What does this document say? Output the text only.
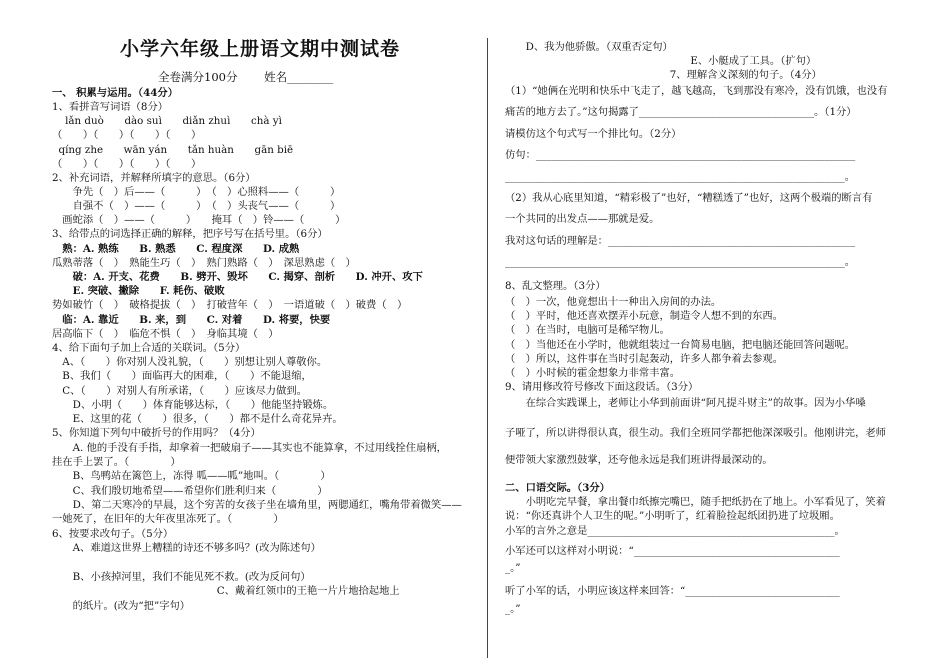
小学六年级上册语文期中测试卷
全卷满分100分　　 姓名________
一、 积累与运用。（44分）
1、看拼音写词语（8分）
lǎn duò　　dào suì　　diǎn zhuì　　chà yì
（　　）（　　）（　　）（　　）
qíng zhe　　wān yán　　tǎn huàn　　gān biē
（　　）（　　）（　　）（　　）
2、补充词语，并解释所填字的意思。（6分）
　　争先（　）后——（　　　）　（　）心照料——（　　　）
　　自强不（　）——（　　　）　（　）头丧气——（　　　）
　画蛇添（　）——（　　　）　　掩耳（　）铃——（　　　）
3、给带点的词选择正确的解释，把序号写在括号里。（6分）
　熟：A. 熟练　　B. 熟悉　　C. 程度深　　D. 成熟
瓜熟蒂落（　）　熟能生巧（　）　熟门熟路（　）　深思熟虑（　）
　　破：A. 开支、花费　　B. 劈开、毁坏　　C. 揭穿、剖析　　D. 冲开、攻下
　　E. 突破、撇除　　F. 耗伤、破败
势如破竹（　）　破格提拔（　）　打破营年（　）　一语道破（　）破费（　）
　临：A. 靠近　　B. 来，到　　C. 对着　　D. 将要，快要
居高临下（　）　临危不惧（　）　身临其境（　）
4、给下面句子加上合适的关联词。（5分）
　A、（　　）你对别人没礼貌，（　　）别想让别人尊敬你。
　B、我们（　　）面临再大的困难，（　　）不能退缩，
　C、（　　）对别人有所承诺，（　　）应该尽力做到。
　　D、小明（　　）体育能够达标，（　　）他能坚持锻炼。
　　E、这里的花（　　）很多，（　　）都不是什么奇花异卉。
5、你知道下列句中破折号的作用吗？（4分）
　　A. 他的手没有手指，却拿着一把破扇子——其实也不能算拿，不过用线拴住扇柄，
挂在手上罢了。（　　　　）
　　B、鸟鸭站在篱笆上，冻得 呱——呱”地叫。（　　　　）
　　C、我们殷切地希望——希望你们胜利归来（　　　　）
　　D、第二天寒冷的早晨，这个穷苦的女孩子坐在墙角里，两腮通红，嘴角带着微笑——
一她死了，在旧年的大年夜里冻死了。（　　　　）
6、按要求改句子。（5分）
　　A、难道这世界上糟糕的诗还不够多吗？(改为陈述句）
　　B、小孩掉河里，我们不能见死不救。(改为反问句）
　　　　　　　　　　　　　　　　C、戴着红领巾的王艳一片片地拾起地上
　　的纸片。(改为“把”字句）
　　D、我为他骄傲。（双重否定句）
　　　　　　　　　　　　　　　　　　E、小艇成了工具。（扩句）
　　　　　　　　　　　　　　　　7、理解含义深刻的句子。（4分）
（1）“她俩在光明和快乐中飞走了，越飞越高，飞到那没有寒冷，没有饥饿，也没有
痛苦的地方去了。”这句揭露了__________________________________。（1分）
请模仿这个句式写一个排比句。（2分）
仿句：______________________________________________________________
__________________________________________________________________。
（2）我从心底里知道，“精彩极了”也好，“糟糕透了”也好，这两个极端的断言有
一个共同的出发点——那就是爱。
我对这句话的理解是：________________________________________________
__________________________________________________________________。
8、乱文整理。（3分）
（　）一次，他竟想出十一种出入房间的办法。
（　）平时，他还喜欢摆弄小玩意，制造令人想不到的东西。
（　）在当时，电脑可是稀罕物儿。
（　）当他还在小学时，他就组装过一台简易电脑，把电脑还能回答问题呢。
（　）所以，这件事在当时引起轰动，许多人都争着去参观。
（　）小时候的霍金想象力非常丰富。
9、请用修改符号修改下面这段话。（3分）
　　在综合实践课上，老师让小华到前面讲“阿凡提斗财主”的故事。因为小华嗓
子哑了，所以讲得很认真，很生动。我们全班同学都把他深深吸引。他刚讲完，老师
便带领大家激烈鼓掌，还夸他永远是我们班讲得最深动的。
二、口语交际。（3分）
　　小明吃完早餐，拿出餐巾纸擦完嘴巴，随手把纸扔在了地上。小军看见了，笑着
说：“你还真讲个人卫生的呢。”小明听了，红着脸捡起纸团扔进了垃圾厢。
小军的言外之意是________________________________________________。
小军还可以这样对小明说：“________________________________________
_。”
听了小军的话，小明应该这样来回答：“______________________________
_。”
